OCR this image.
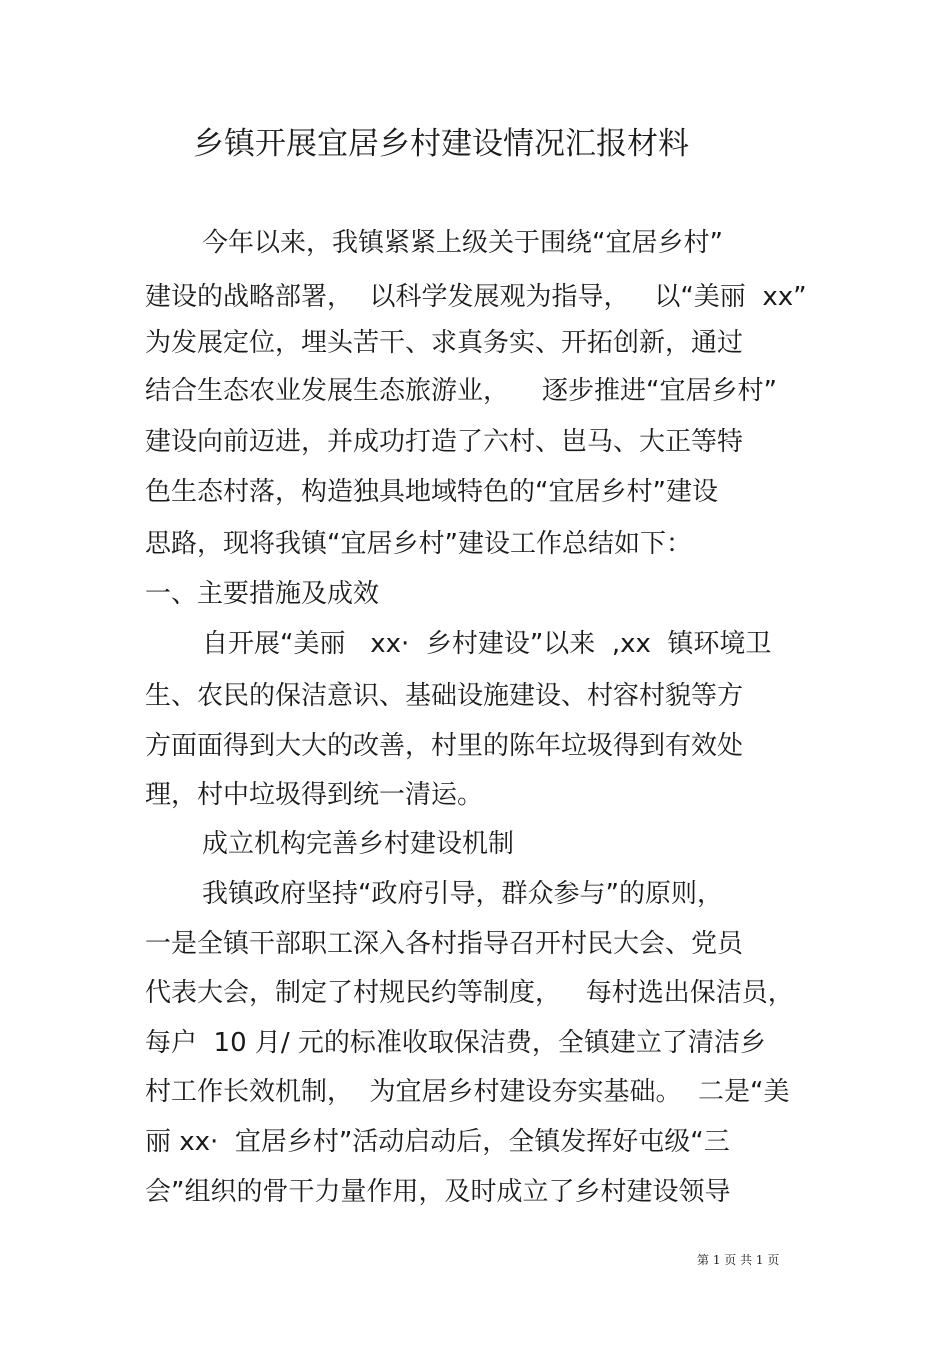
乡镇开展宜居乡村建设情况汇报材料
今年以来，我镇紧紧上级关于围绕“宜居乡村”
建设的战略部署，  以科学发展观为指导，   以“美丽  xx”
为发展定位，埋头苦干、求真务实、开拓创新，通过
结合生态农业发展生态旅游业，    逐步推进“宜居乡村”
建设向前迈进，并成功打造了六村、岜马、大正等特
色生态村落，构造独具地域特色的“宜居乡村”建设
思路，现将我镇“宜居乡村”建设工作总结如下：
一、主要措施及成效
自开展“美丽   xx·  乡村建设”以来  ,xx  镇环境卫
生、农民的保洁意识、基础设施建设、村容村貌等方
方面面得到大大的改善，村里的陈年垃圾得到有效处
理，村中垃圾得到统一清运。
成立机构完善乡村建设机制
我镇政府坚持“政府引导，群众参与”的原则，
一是全镇干部职工深入各村指导召开村民大会、党员
代表大会，制定了村规民约等制度，   每村选出保洁员，
每户  10 月/ 元的标准收取保洁费，全镇建立了清洁乡
村工作长效机制，  为宜居乡村建设夯实基础。  二是“美
丽 xx·  宜居乡村”活动启动后，全镇发挥好屯级“三
会”组织的骨干力量作用，及时成立了乡村建设领导
第 1 页 共 1 页
